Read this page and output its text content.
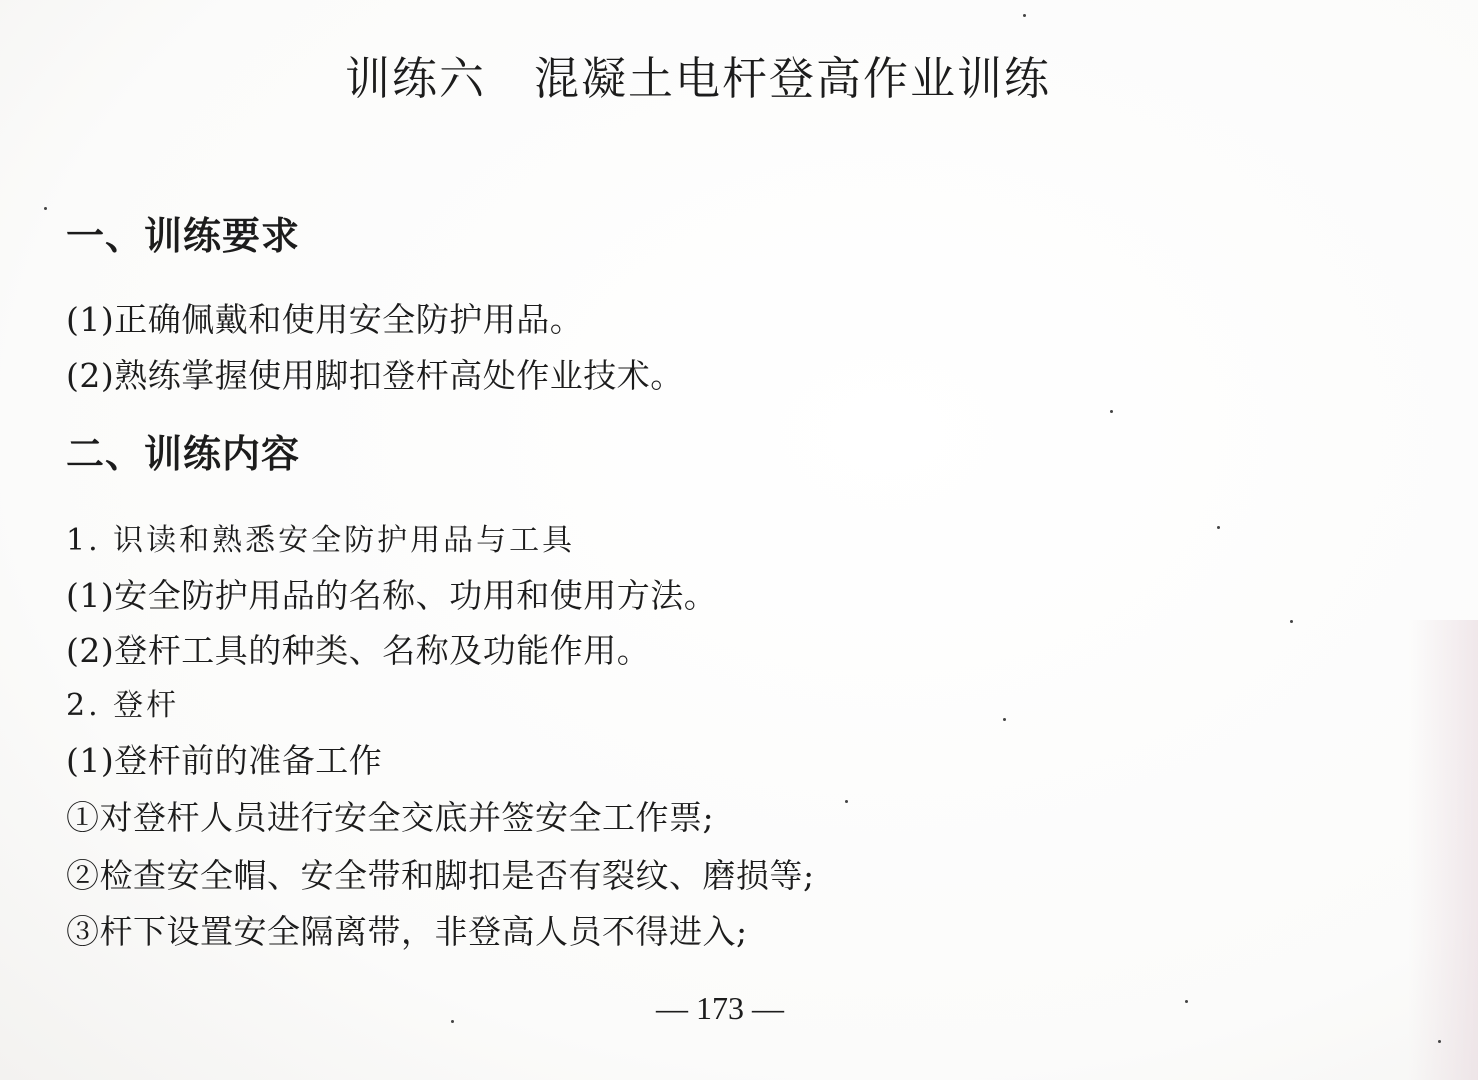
训练六 混凝土电杆登高作业训练
一、训练要求

(1)正确佩戴和使用安全防护用品。

(2)熟练掌握使用脚扣登杆高处作业技术。

二、训练内容

1. 识读和熟悉安全防护用品与工具

(1)安全防护用品的名称、功用和使用方法。

(2)登杆工具的种类、名称及功能作用。

2. 登杆

(1)登杆前的准备工作

①对登杆人员进行安全交底并签安全工作票;

②检查安全帽、安全带和脚扣是否有裂纹、磨损等;

③杆下设置安全隔离带，非登高人员不得进入;

— 173 —
